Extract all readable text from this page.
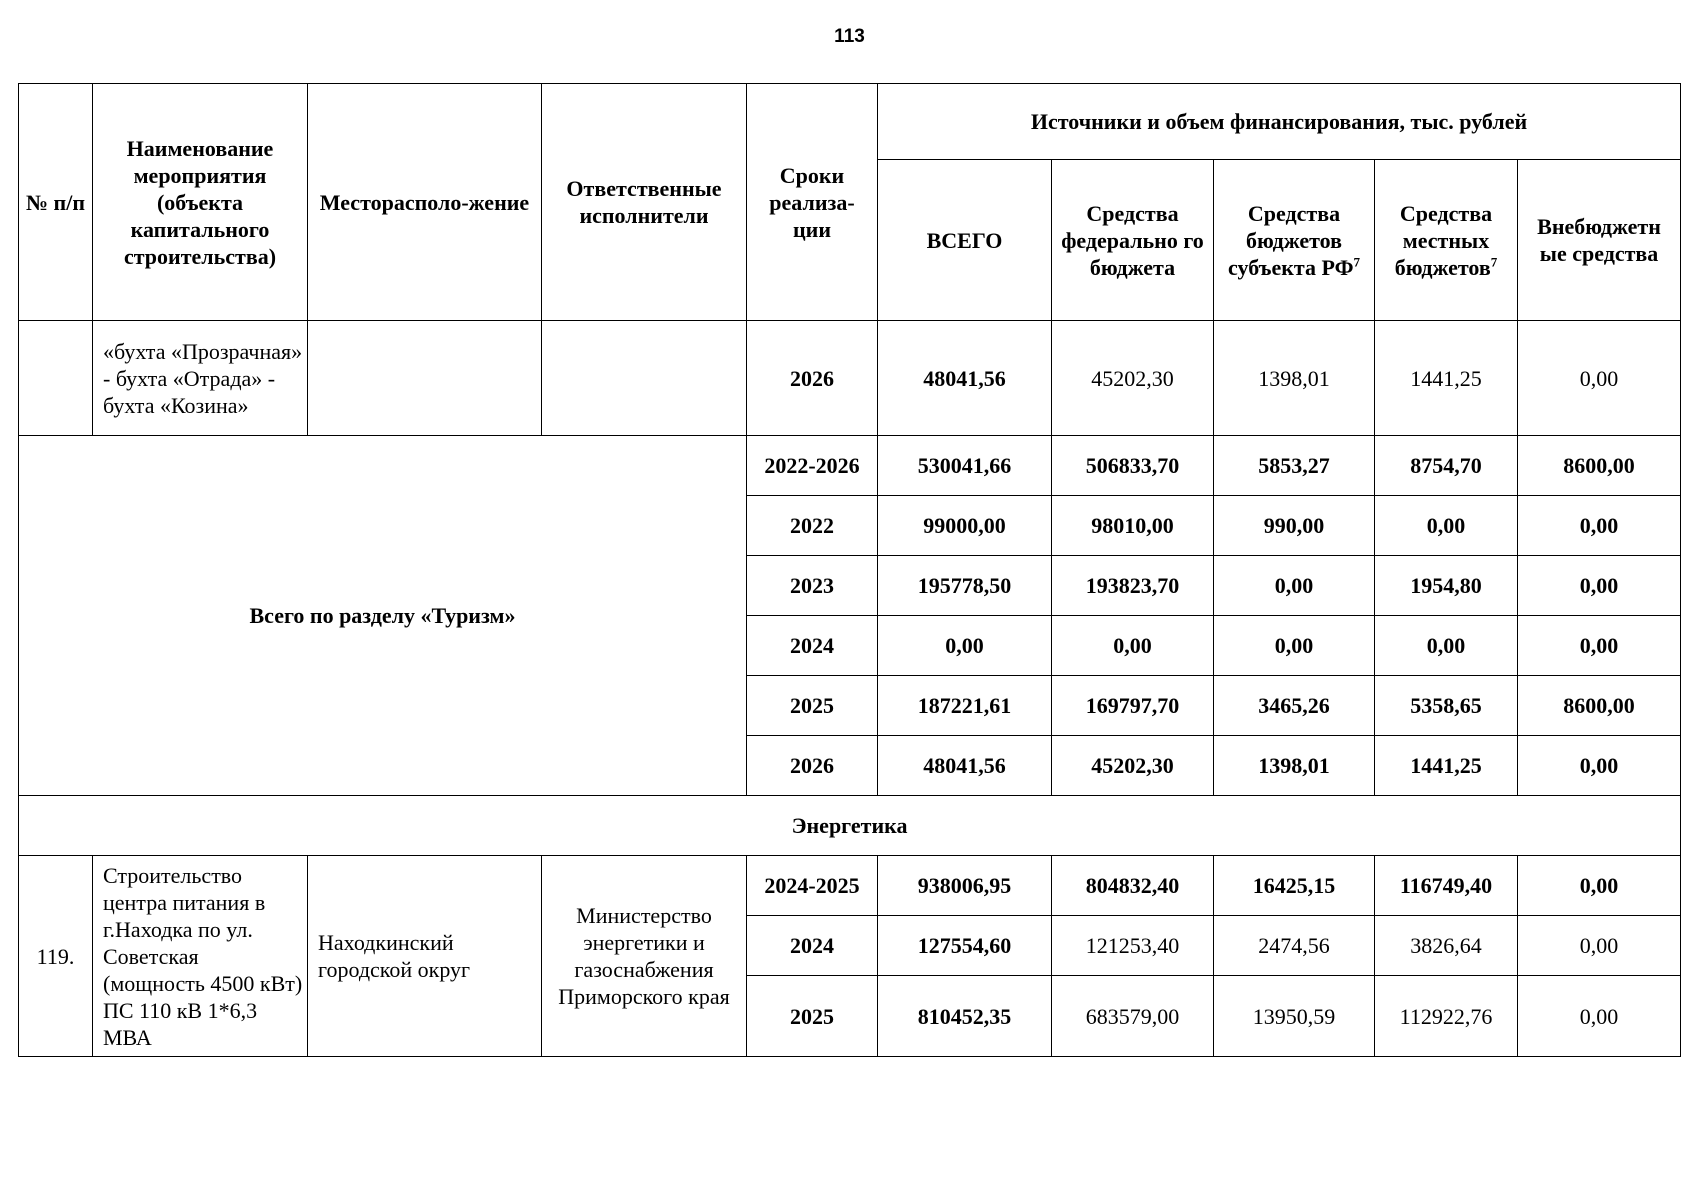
113
№ п/п	Наименование мероприятия (объекта капитального строительства)	Месторасполо-жение	Ответственные исполнители	Сроки реализа-ции	Источники и объем финансирования, тыс. рублей				
					ВСЕГО	Средства федерально го бюджета	Средства бюджетов субъекта $РФ^7$	Средства местных бюджетов$^7$	Внебюджетн ые средства
	«бухта «Прозрачная» - бухта «Отрада» - бухта «Козина»			2026	48041,56	45202,30	1398,01	1441,25	0,00
Всего по разделу «Туризм»				2022-2026	530041,66	506833,70	5853,27	8754,70	8600,00
				2022	99000,00	98010,00	990,00	0,00	0,00
				2023	195778,50	193823,70	0,00	1954,80	0,00
				2024	0,00	0,00	0,00	0,00	0,00
				2025	187221,61	169797,70	3465,26	5358,65	8600,00
				2026	48041,56	45202,30	1398,01	1441,25	0,00
Энергетика									
119.	Строительство центра питания в г.Находка по ул. Советская (мощность 4500 кВт) ПС 110 кВ 1*6,3 МВА	Находкинский городской округ	Министерство энергетики и газоснабжения Приморского края	2024-2025	938006,95	804832,40	16425,15	116749,40	0,00
				2024	127554,60	121253,40	2474,56	3826,64	0,00
				2025	810452,35	683579,00	13950,59	112922,76	0,00
